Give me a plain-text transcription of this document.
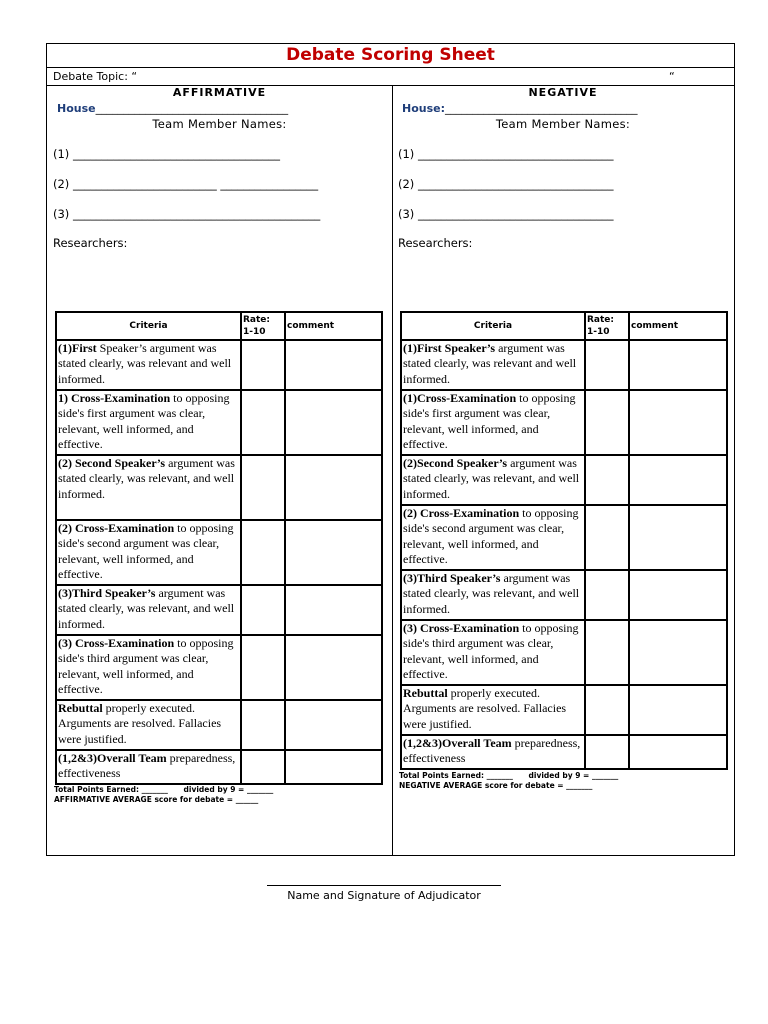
Debate Scoring Sheet
Debate Topic: “	“
AFFIRMATIVE
House___________________________________
Team Member Names:
(1) ____________________________________
(2) _________________________ _________________
(3) ___________________________________________
Researchers:
Criteria	Rate: 1-10	comment
(1)First Speaker’s argument was stated clearly, was relevant and well informed.		
1) Cross-Examination to opposing side's first argument was clear, relevant, well informed, and effective.		
(2) Second Speaker’s argument was stated clearly, was relevant, and well informed.		
(2) Cross-Examination to opposing side's second argument was clear, relevant, well informed, and effective.		
(3)Third Speaker’s argument was stated clearly, was relevant, and well informed.		
(3) Cross-Examination to opposing side's third argument was clear, relevant, well informed, and effective.		
Rebuttal properly executed. Arguments are resolved. Fallacies were justified.		
(1,2&3)Overall Team preparedness, effectiveness		
Total Points Earned: _______      divided by 9 = _______
AFFIRMATIVE AVERAGE score for debate = ______
NEGATIVE
House:___________________________________
Team Member Names:
(1) __________________________________
(2) __________________________________
(3) __________________________________
Researchers:
Criteria	Rate: 1-10	comment
(1)First Speaker’s argument was stated clearly, was relevant and well informed.		
(1)Cross-Examination to opposing side's first argument was clear, relevant, well informed, and effective.		
(2)Second Speaker’s argument was stated clearly, was relevant, and well informed.		
(2) Cross-Examination to opposing side's second argument was clear, relevant, well informed, and effective.		
(3)Third Speaker’s argument was stated clearly, was relevant, and well informed.		
(3) Cross-Examination to opposing side's third argument was clear, relevant, well informed, and effective.		
Rebuttal properly executed. Arguments are resolved. Fallacies were justified.		
(1,2&3)Overall Team preparedness, effectiveness		
Total Points Earned: _______      divided by 9 = _______
NEGATIVE AVERAGE score for debate = _______
Name and Signature of Adjudicator
